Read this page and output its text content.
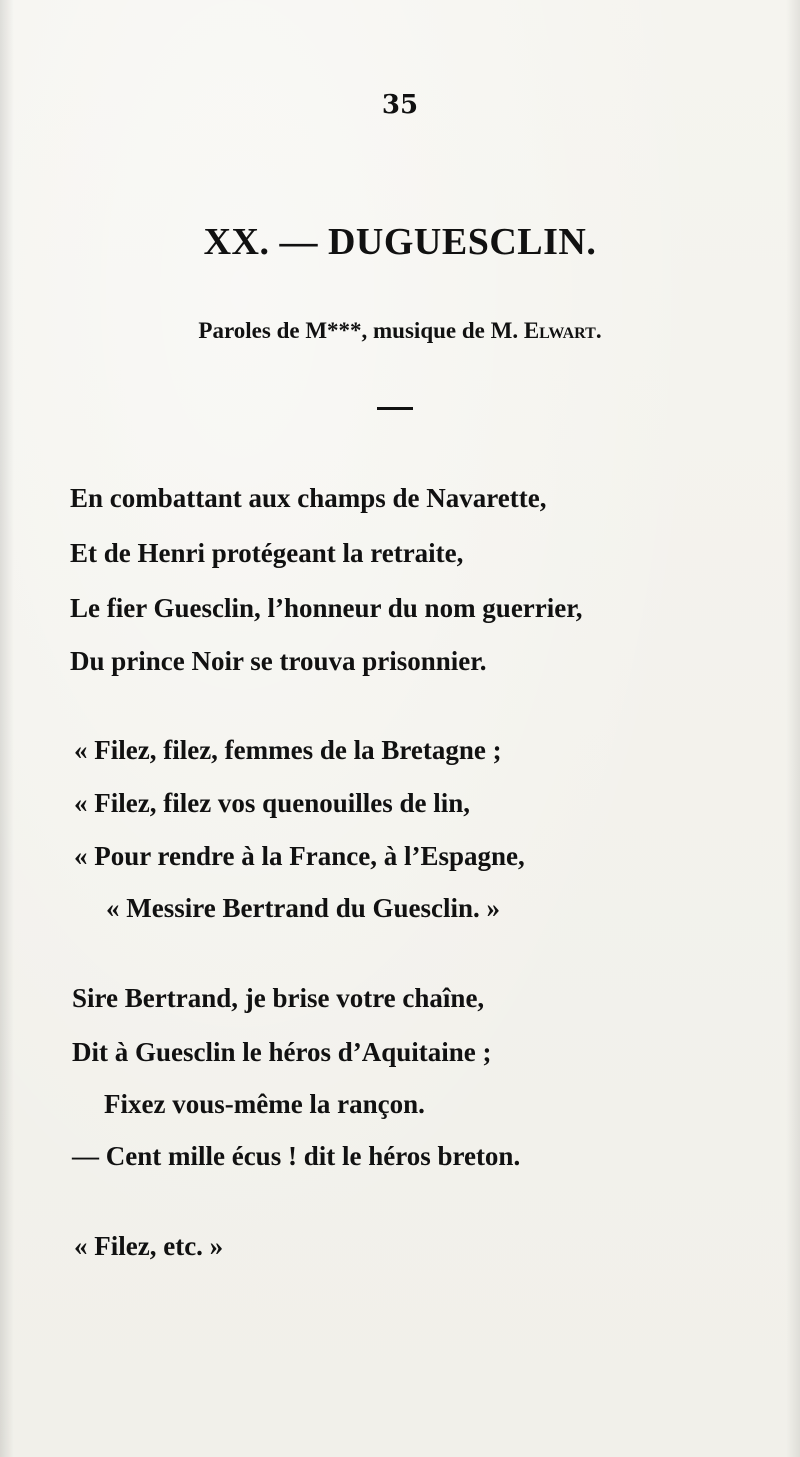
35
XX. — DUGUESCLIN.
Paroles de M***, musique de M. Elwart.
En combattant aux champs de Navarette,
Et de Henri protégeant la retraite,
Le fier Guesclin, l’honneur du nom guerrier,
Du prince Noir se trouva prisonnier.
« Filez, filez, femmes de la Bretagne ;
« Filez, filez vos quenouilles de lin,
« Pour rendre à la France, à l’Espagne,
« Messire Bertrand du Guesclin. »
Sire Bertrand, je brise votre chaîne,
Dit à Guesclin le héros d’Aquitaine ;
Fixez vous-même la rançon.
— Cent mille écus ! dit le héros breton.
« Filez, etc. »
